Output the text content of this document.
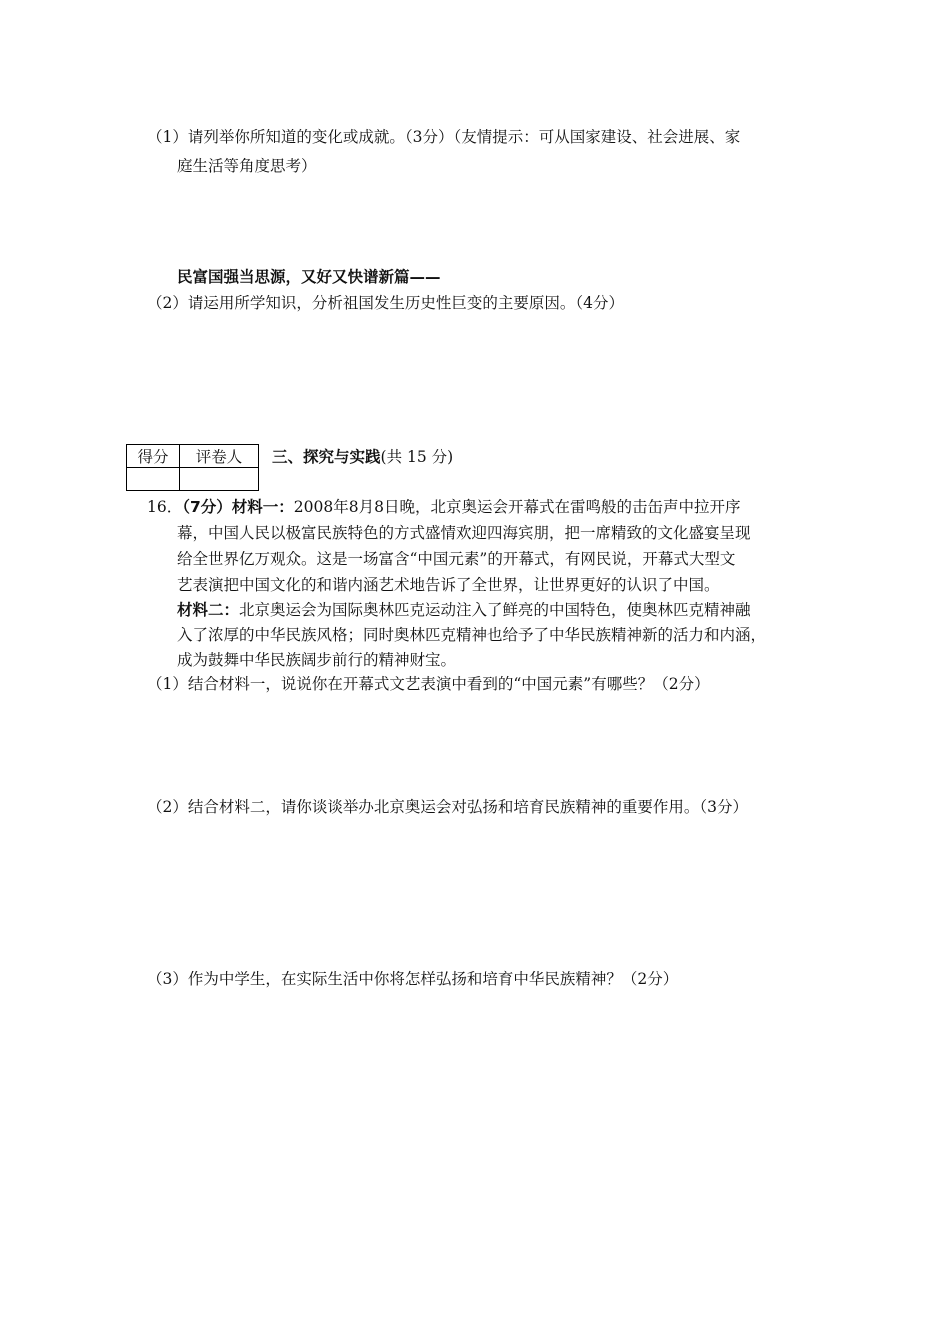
（1）请列举你所知道的变化或成就。（3分）（友情提示：可从国家建设、社会进展、家
庭生活等角度思考）
民富国强当思源，又好又快谱新篇——
（2）请运用所学知识，分析祖国发生历史性巨变的主要原因。（4分）
得分	评卷人
	三、探究与实践(共 15 分)
16．（7分）材料一：2008年8月8日晚，北京奥运会开幕式在雷鸣般的击缶声中拉开序
幕，中国人民以极富民族特色的方式盛情欢迎四海宾朋，把一席精致的文化盛宴呈现
给全世界亿万观众。这是一场富含“中国元素”的开幕式，有网民说，开幕式大型文
艺表演把中国文化的和谐内涵艺术地告诉了全世界，让世界更好的认识了中国。
材料二：北京奥运会为国际奥林匹克运动注入了鲜亮的中国特色，使奥林匹克精神融
入了浓厚的中华民族风格；同时奥林匹克精神也给予了中华民族精神新的活力和内涵，
成为鼓舞中华民族阔步前行的精神财宝。
（1）结合材料一，说说你在开幕式文艺表演中看到的“中国元素”有哪些？（2分）
（2）结合材料二，请你谈谈举办北京奥运会对弘扬和培育民族精神的重要作用。（3分）
（3）作为中学生，在实际生活中你将怎样弘扬和培育中华民族精神？（2分）
